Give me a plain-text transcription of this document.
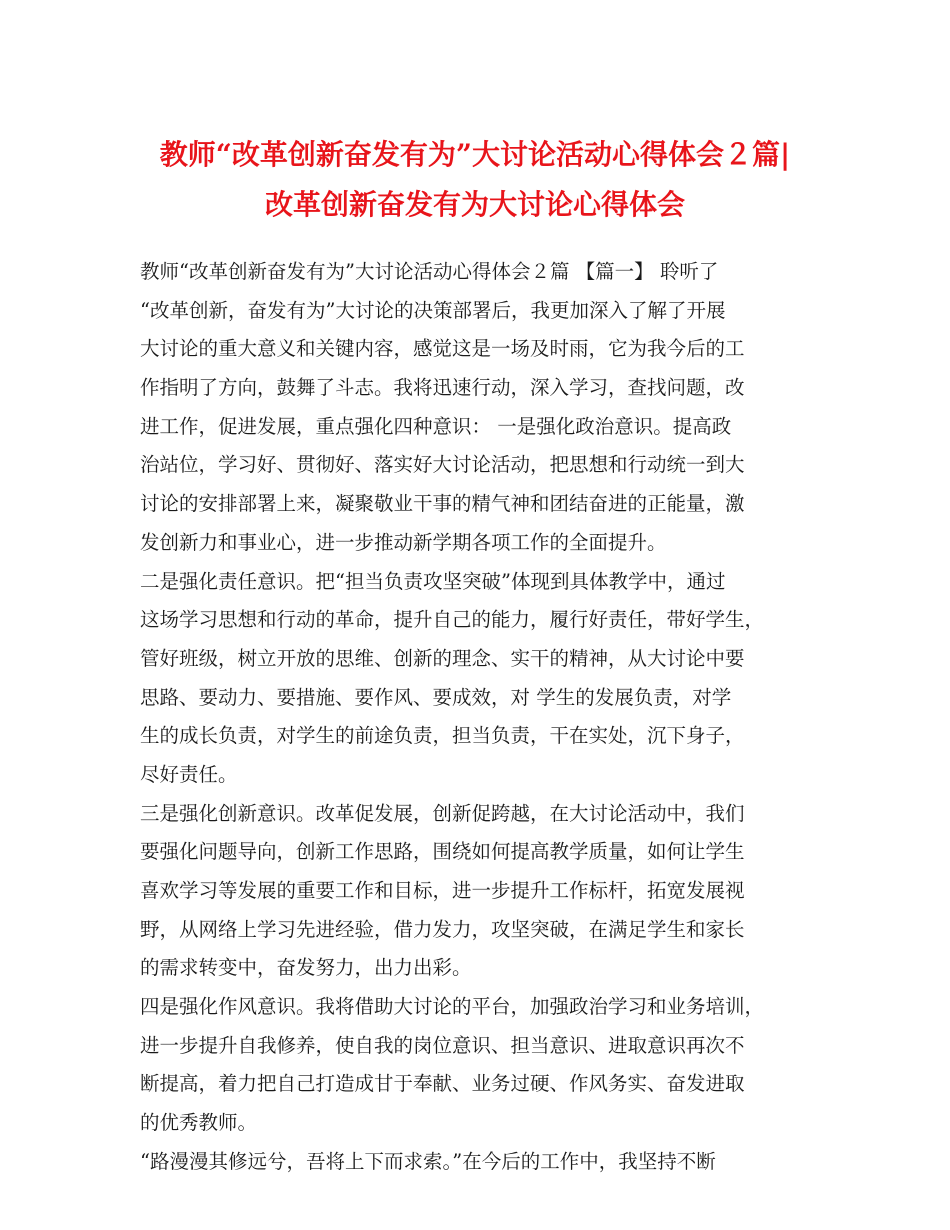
教师“改革创新奋发有为”大讨论活动心得体会２篇|
改革创新奋发有为大讨论心得体会
教师“改革创新奋发有为”大讨论活动心得体会２篇 【篇一】 聆听了
“改革创新，奋发有为”大讨论的决策部署后，我更加深入了解了开展
大讨论的重大意义和关键内容，感觉这是一场及时雨，它为我今后的工
作指明了方向，鼓舞了斗志。我将迅速行动，深入学习，查找问题，改
进工作，促进发展，重点强化四种意识： 一是强化政治意识。提高政
治站位，学习好、贯彻好、落实好大讨论活动，把思想和行动统一到大
讨论的安排部署上来，凝聚敬业干事的精气神和团结奋进的正能量，激
发创新力和事业心，进一步推动新学期各项工作的全面提升。
二是强化责任意识。把“担当负责攻坚突破”体现到具体教学中，通过
这场学习思想和行动的革命，提升自己的能力，履行好责任，带好学生，
管好班级，树立开放的思维、创新的理念、实干的精神，从大讨论中要
思路、要动力、要措施、要作风、要成效，对 学生的发展负责，对学
生的成长负责，对学生的前途负责，担当负责，干在实处，沉下身子，
尽好责任。
三是强化创新意识。改革促发展，创新促跨越，在大讨论活动中，我们
要强化问题导向，创新工作思路，围绕如何提高教学质量，如何让学生
喜欢学习等发展的重要工作和目标，进一步提升工作标杆，拓宽发展视
野，从网络上学习先进经验，借力发力，攻坚突破，在满足学生和家长
的需求转变中，奋发努力，出力出彩。
四是强化作风意识。我将借助大讨论的平台，加强政治学习和业务培训，
进一步提升自我修养，使自我的岗位意识、担当意识、进取意识再次不
断提高，着力把自己打造成甘于奉献、业务过硬、作风务实、奋发进取
的优秀教师。
“路漫漫其修远兮，吾将上下而求索。”在今后的工作中，我坚持不断
